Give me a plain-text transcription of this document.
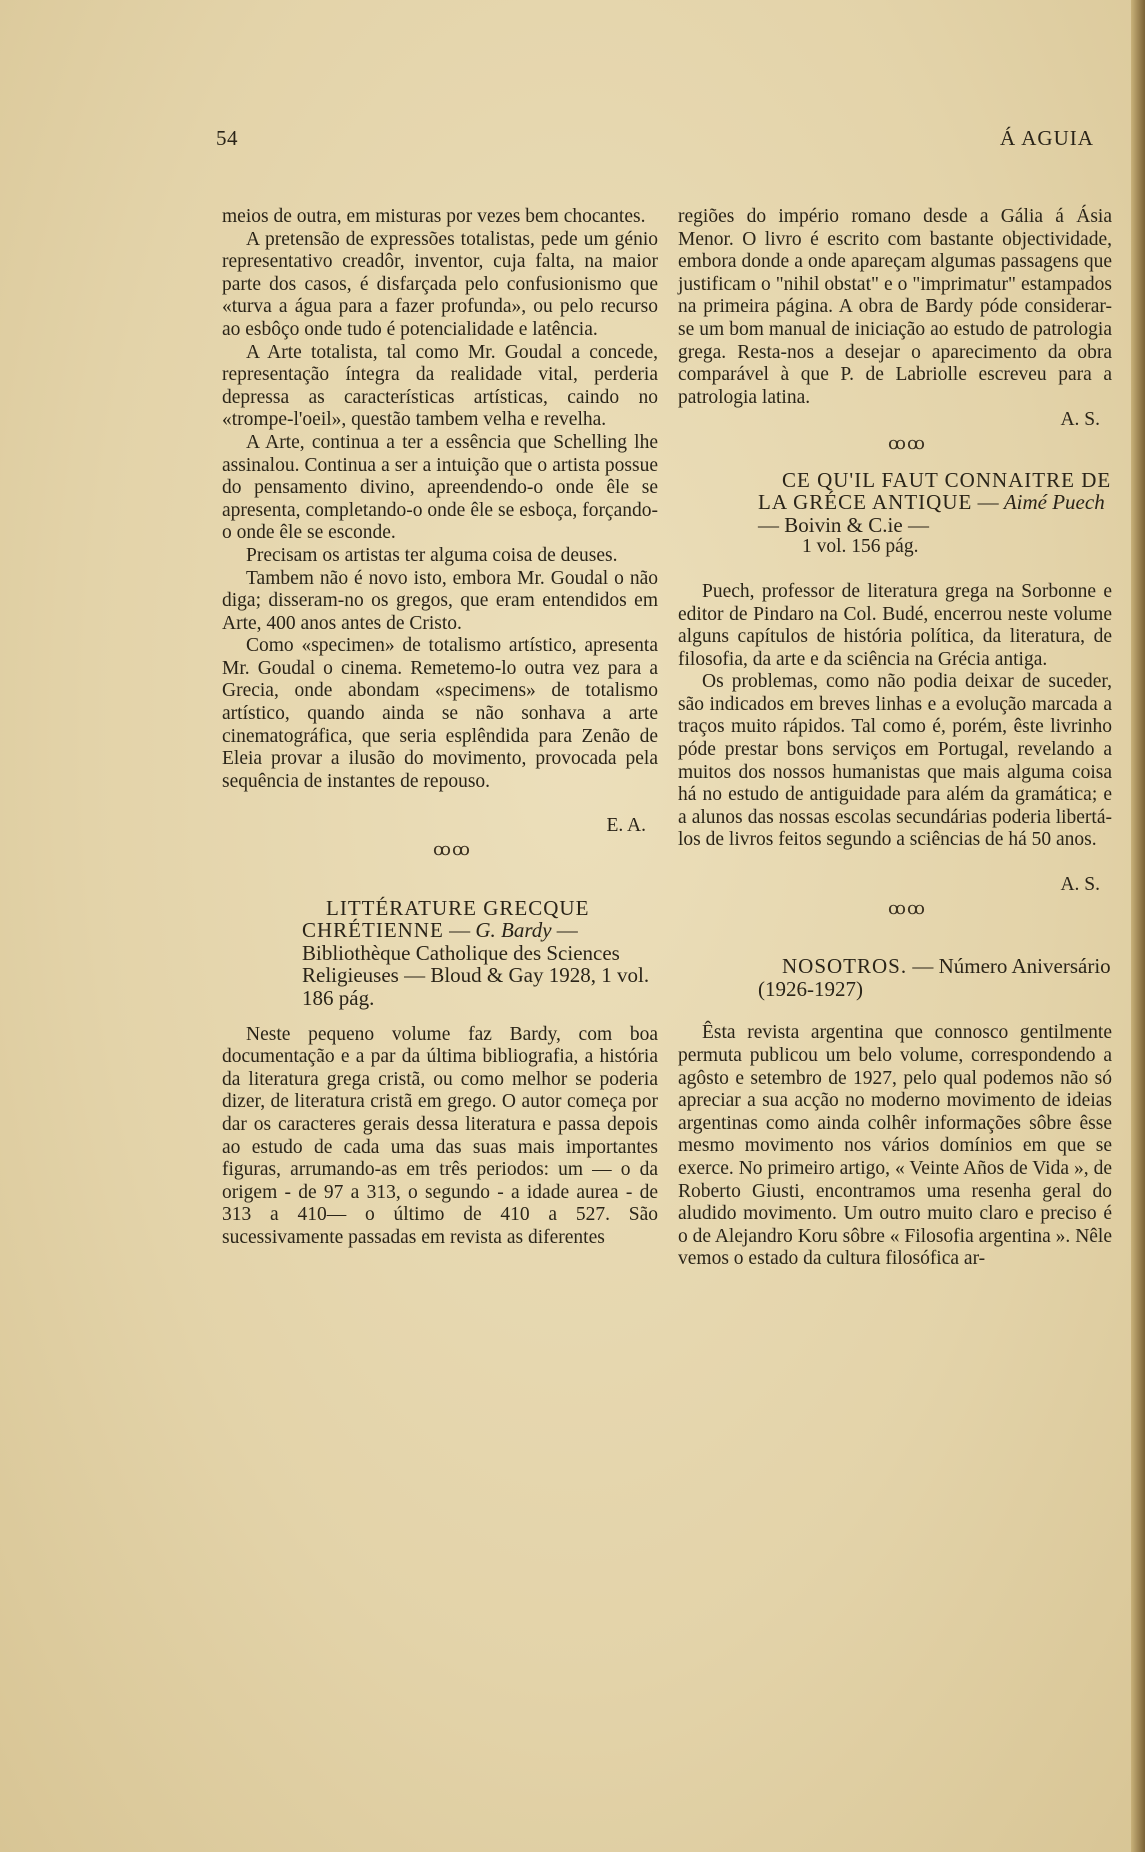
54	Á AGUIA

meios de outra, em misturas por vezes bem chocantes.

A pretensão de expressões totalistas, pede um génio representativo creadôr, inventor, cuja falta, na maior parte dos casos, é disfarçada pelo confusionismo que «turva a água para a fazer profunda», ou pelo recurso ao esbôço onde tudo é potencialidade e latência.

A Arte totalista, tal como Mr. Goudal a concede, representação íntegra da realidade vital, perderia depressa as características artísticas, caindo no «trompe-l'oeil», questão tambem velha e revelha.

A Arte, continua a ter a essência que Schelling lhe assinalou. Continua a ser a intuição que o artista possue do pensamento divino, apreendendo-o onde êle se apresenta, completando-o onde êle se esboça, forçando-o onde êle se esconde.

Precisam os artistas ter alguma coisa de deuses.

Tambem não é novo isto, embora Mr. Goudal o não diga; disseram-no os gregos, que eram entendidos em Arte, 400 anos antes de Cristo.

Como «specimen» de totalismo artístico, apresenta Mr. Goudal o cinema. Remetemo-lo outra vez para a Grecia, onde abondam «specimens» de totalismo artístico, quando ainda se não sonhava a arte cinematográfica, que seria esplêndida para Zenão de Eleia provar a ilusão do movimento, provocada pela sequência de instantes de repouso.

E. A.

ꝏꝏ

LITTÉRATURE GRECQUE CHRÉTIENNE — G. Bardy — Bibliothèque Catholique des Sciences Religieuses — Bloud & Gay 1928, 1 vol. 186 pág.

Neste pequeno volume faz Bardy, com boa documentação e a par da última bibliografia, a história da literatura grega cristã, ou como melhor se poderia dizer, de literatura cristã em grego. O autor começa por dar os caracteres gerais dessa literatura e passa depois ao estudo de cada uma das suas mais importantes figuras, arrumando-as em três periodos: um — o da origem - de 97 a 313, o segundo - a idade aurea - de 313 a 410— o último de 410 a 527. São sucessivamente passadas em revista as diferentes

regiões do império romano desde a Gália á Ásia Menor. O livro é escrito com bastante objectividade, embora donde a onde apareçam algumas passagens que justificam o "nihil obstat" e o "imprimatur" estampados na primeira página. A obra de Bardy póde considerar-se um bom manual de iniciação ao estudo de patrologia grega. Resta-nos a desejar o aparecimento da obra comparável à que P. de Labriolle escreveu para a patrologia latina.

A. S.

ꝏꝏ

CE QU'IL FAUT CONNAITRE DE LA GRÉCE ANTIQUE — Aimé Puech — Boivin & C.ie —

1 vol. 156 pág.

Puech, professor de literatura grega na Sorbonne e editor de Pindaro na Col. Budé, encerrou neste volume alguns capítulos de história política, da literatura, de filosofia, da arte e da sciência na Grécia antiga.

Os problemas, como não podia deixar de suceder, são indicados em breves linhas e a evolução marcada a traços muito rápidos. Tal como é, porém, êste livrinho póde prestar bons serviços em Portugal, revelando a muitos dos nossos humanistas que mais alguma coisa há no estudo de antiguidade para além da gramática; e a alunos das nossas escolas secundárias poderia libertá-los de livros feitos segundo a sciências de há 50 anos.

A. S.

ꝏꝏ

NOSOTROS. — Número Aniversário (1926-1927)

Êsta revista argentina que connosco gentilmente permuta publicou um belo volume, correspondendo a agôsto e setembro de 1927, pelo qual podemos não só apreciar a sua acção no moderno movimento de ideias argentinas como ainda colhêr informações sôbre êsse mesmo movimento nos vários domínios em que se exerce. No primeiro artigo, « Veinte Años de Vida », de Roberto Giusti, encontramos uma resenha geral do aludido movimento. Um outro muito claro e preciso é o de Alejandro Koru sôbre « Filosofia argentina ». Nêle vemos o estado da cultura filosófica ar-
